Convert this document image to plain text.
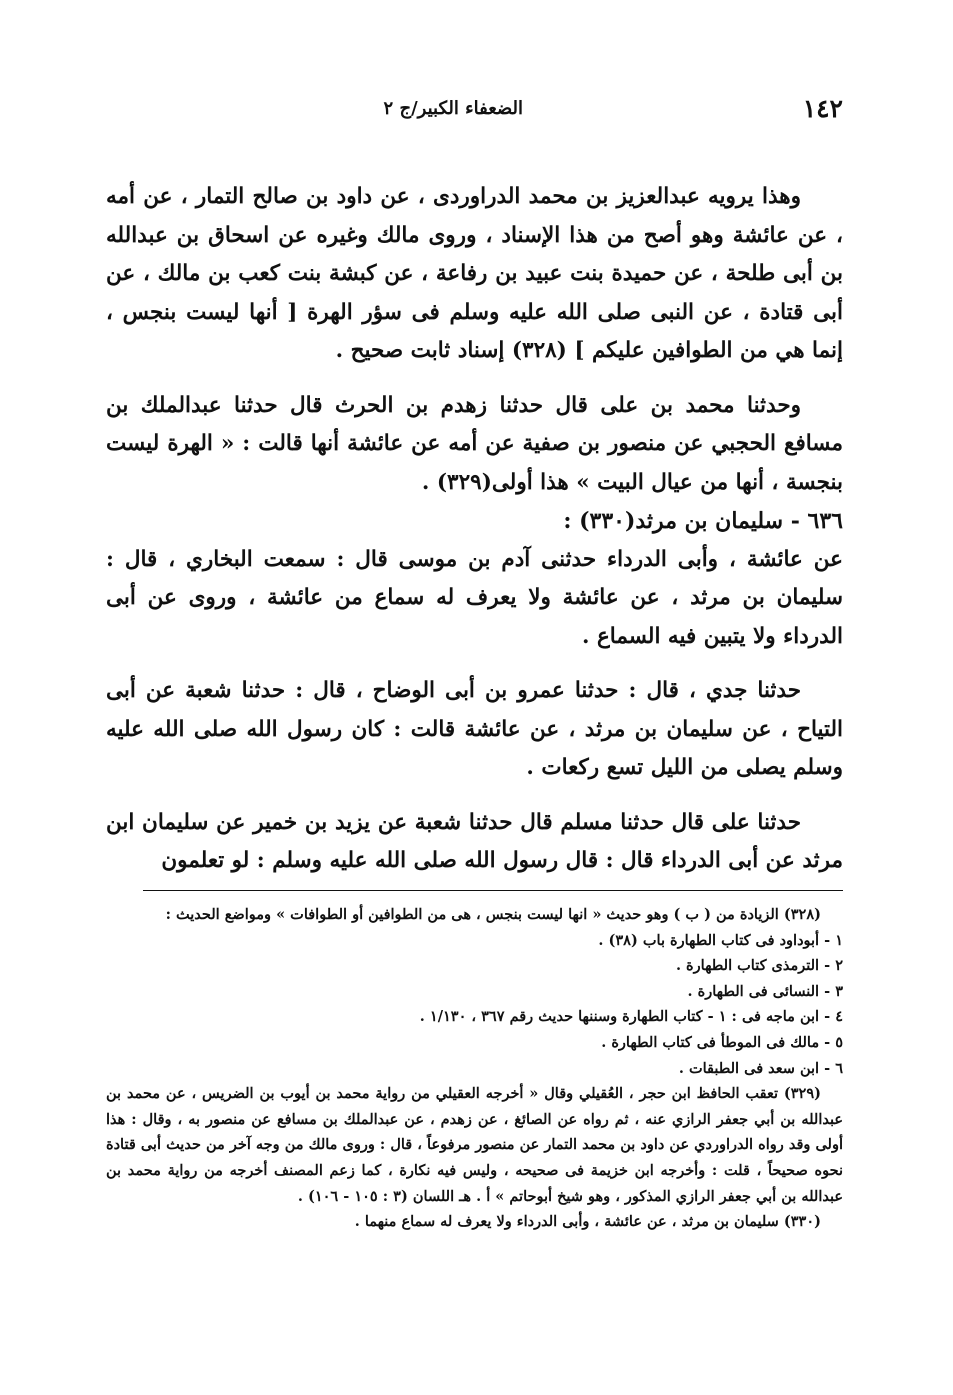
١٤٢
الضعفاء الكبير/ج ٢

وهذا يرويه عبدالعزيز بن محمد الدراوردى ، عن داود بن صالح التمار ، عن أمه ، عن عائشة وهو أصح من هذا الإسناد ، وروى مالك وغيره عن اسحاق بن عبدالله بن أبى طلحة ، عن حميدة بنت عبيد بن رفاعة ، عن كبشة بنت كعب بن مالك ، عن أبى قتادة ، عن النبى صلى الله عليه وسلم فى سؤر الهرة [ أنها ليست بنجس ، إنما هي من الطوافين عليكم ] (٣٢٨) إسناد ثابت صحيح .

وحدثنا محمد بن على قال حدثنا زهدم بن الحرث قال حدثنا عبدالملك بن مسافع الحجبي عن منصور بن صفية عن أمه عن عائشة أنها قالت : « الهرة ليست بنجسة ، أنها من عيال البيت » هذا أولى(٣٢٩) .

٦٣٦ - سليمان بن مرثد(٣٣٠) :

عن عائشة ، وأبى الدرداء حدثنى آدم بن موسى قال : سمعت البخاري ، قال : سليمان بن مرثد ، عن عائشة ولا يعرف له سماع من عائشة ، وروى عن أبى الدرداء ولا يتبين فيه السماع .

حدثنا جدي ، قال : حدثنا عمرو بن أبى الوضاح ، قال : حدثنا شعبة عن أبى التياح ، عن سليمان بن مرثد ، عن عائشة قالت : كان رسول الله صلى الله عليه وسلم يصلى من الليل تسع ركعات .

حدثنا على قال حدثنا مسلم قال حدثنا شعبة عن يزيد بن خمير عن سليمان ابن مرثد عن أبى الدرداء قال : قال رسول الله صلى الله عليه وسلم : لو تعلمون

(٣٢٨) الزيادة من ( ب ) وهو حديث « انها ليست بنجس ، هى من الطوافين أو الطوافات » ومواضع الحديث :

١ - أبوداود فى كتاب الطهارة باب (٣٨) .

٢ - الترمذى كتاب الطهارة .

٣ - النسائى فى الطهارة .

٤ - ابن ماجه فى : ١ - كتاب الطهارة وسننها حديث رقم ٣٦٧ ، ١/١٣٠ .

٥ - مالك فى الموطأ فى كتاب الطهارة .

٦ - ابن سعد فى الطبقات .

(٣٢٩) تعقب الحافظ ابن حجر ، العُقيلي وقال « أخرجه العقيلي من رواية محمد بن أيوب بن الضريس ، عن محمد بن عبدالله بن أبي جعفر الرازي عنه ، ثم رواه عن الصائغ ، عن زهدم ، عن عبدالملك بن مسافع عن منصور به ، وقال : هذا أولى وقد رواه الدراوردي عن داود بن محمد التمار عن منصور مرفوعاً ، قال : وروى مالك من وجه آخر من حديث أبى قتادة نحوه صحيحاً ، قلت : وأخرجه ابن خزيمة فى صحيحه ، وليس فيه نكارة ، كما زعم المصنف أخرجه من رواية محمد بن عبدالله بن أبي جعفر الرازي المذكور ، وهو شيخ أبوحاتم » أ . هـ اللسان (٣ : ١٠٥ - ١٠٦) .

(٣٣٠) سليمان بن مرثد ، عن عائشة ، وأبى الدرداء ولا يعرف له سماع منهما .
